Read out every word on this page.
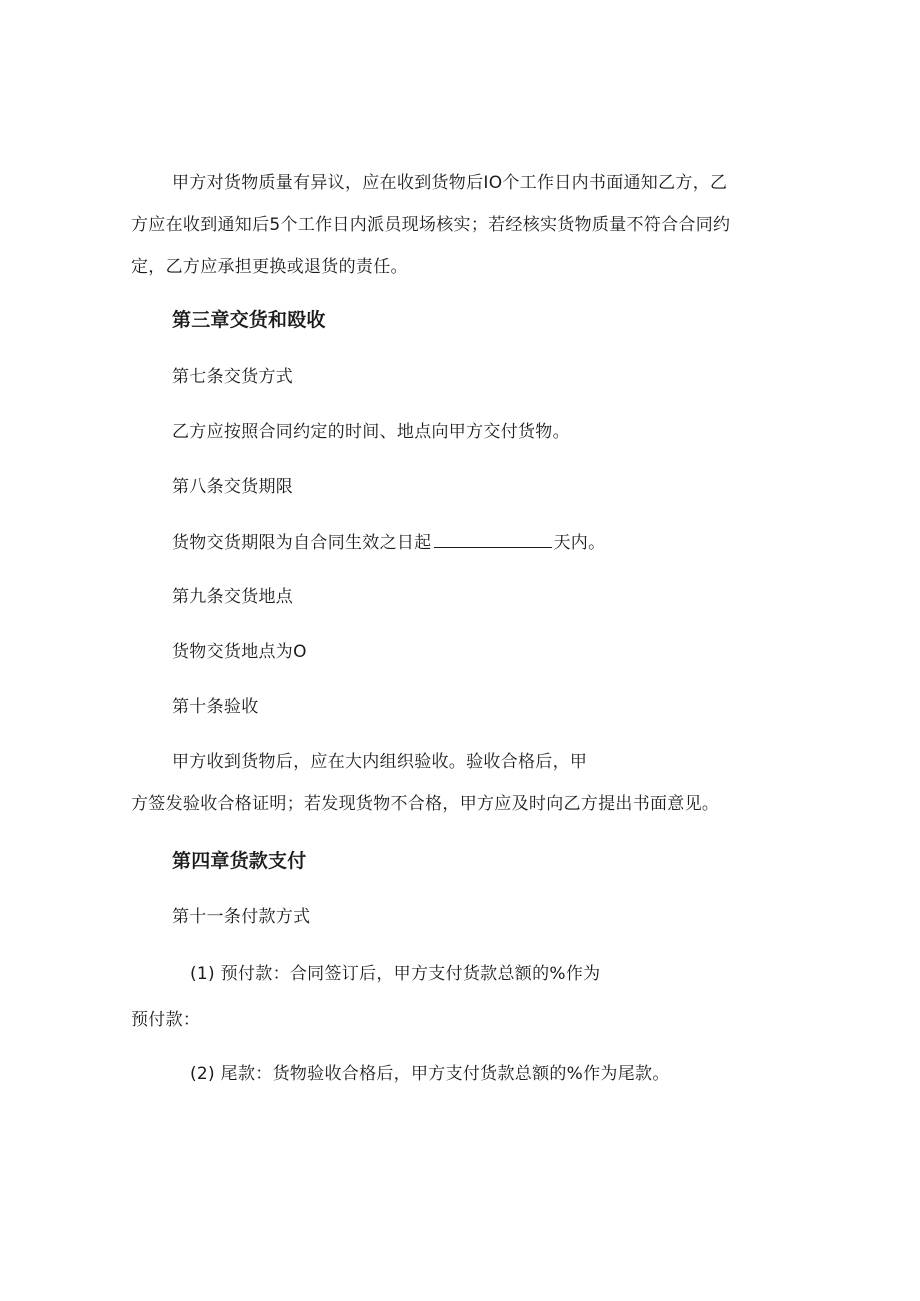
甲方对货物质量有异议，应在收到货物后IO个工作日内书面通知乙方，乙
方应在收到通知后5个工作日内派员现场核实；若经核实货物质量不符合合同约
定，乙方应承担更换或退货的责任。
第三章交货和殴收
第七条交货方式
乙方应按照合同约定的时间、地点向甲方交付货物。
第八条交货期限
货物交货期限为自合同生效之日起	天内。
第九条交货地点
货物交货地点为O
第十条验收
甲方收到货物后，应在大内组织验收。验收合格后，甲
方签发验收合格证明；若发现货物不合格，甲方应及时向乙方提出书面意见。
第四章货款支付
第十一条付款方式
(1) 预付款：合同签订后，甲方支付货款总额的%作为
预付款：
(2) 尾款：货物验收合格后，甲方支付货款总额的%作为尾款。
